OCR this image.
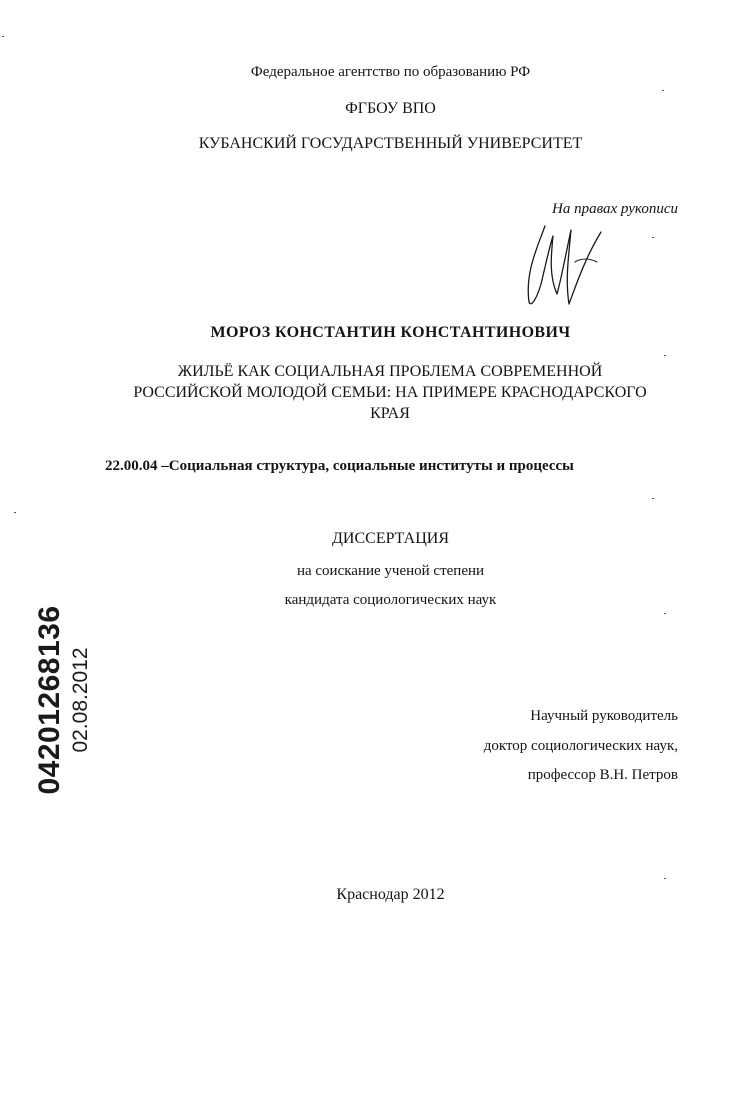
Федеральное агентство по образованию РФ
ФГБОУ ВПО
КУБАНСКИЙ ГОСУДАРСТВЕННЫЙ УНИВЕРСИТЕТ
На правах рукописи
МОРОЗ КОНСТАНТИН КОНСТАНТИНОВИЧ
ЖИЛЬЁ КАК СОЦИАЛЬНАЯ ПРОБЛЕМА СОВРЕМЕННОЙ
РОССИЙСКОЙ МОЛОДОЙ СЕМЬИ: НА ПРИМЕРЕ КРАСНОДАРСКОГО
КРАЯ
22.00.04 –Социальная структура, социальные институты и процессы
ДИССЕРТАЦИЯ
на соискание ученой степени
кандидата социологических наук
Научный руководитель
доктор социологических наук,
профессор В.Н. Петров
Краснодар 2012
04201268136 02.08.2012
